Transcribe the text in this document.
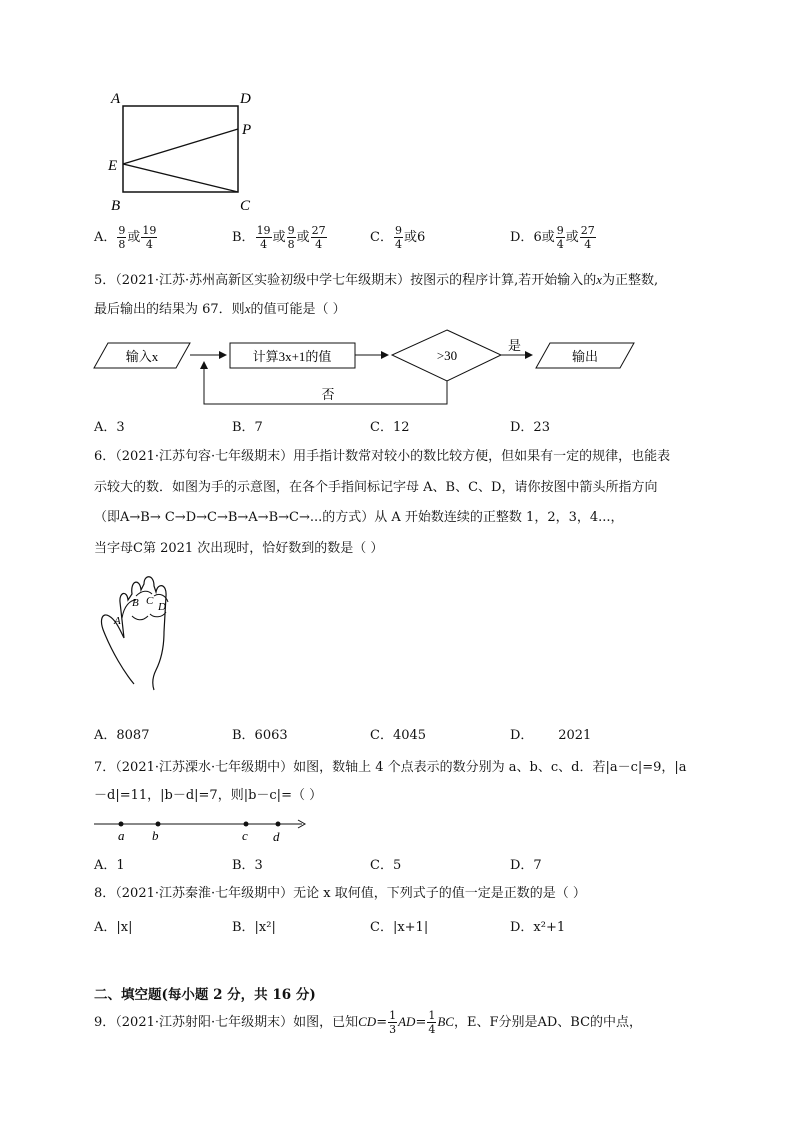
A	D
P
E
B	C
A． $\frac{9}{8}$ 或 $\frac{19}{4}$	B． $\frac{19}{4}$ 或 $\frac{9}{8}$ 或 $\frac{27}{4}$	C． $\frac{9}{4}$ 或6	D．6或 $\frac{9}{4}$ 或 $\frac{27}{4}$
5．（2021·江苏·苏州高新区实验初级中学七年级期末）按图示的程序计算,若开始输入的x为正整数,
最后输出的结果为 67．则x的值可能是（ ）
输入x	计算3x+1的值	>30
是
输出
否
A．3	B．7	C．12	D．23
6．（2021·江苏句容·七年级期末）用手指计数常对较小的数比较方便，但如果有一定的规律，也能表
示较大的数．如图为手的示意图，在各个手指间标记字母 A、B、C、D，请你按图中箭头所指方向
（即A→B→ C→D→C→B→A→B→C→...的方式）从 A 开始数连续的正整数 1，2，3，4...，
当字母C第 2021 次出现时，恰好数到的数是（ ）
A
B C D
A．8087	B．6063	C．4045	D．      2021
7．（2021·江苏溧水·七年级期中）如图，数轴上 4 个点表示的数分别为 a、b、c、d．若|a－c|=9，|a
－d|=11，|b－d|=7，则|b－c|=（ ）
a b	c d
A．1	B．3	C．5	D．7
8．（2021·江苏秦淮·七年级期中）无论 x 取何值，下列式子的值一定是正数的是（ ）
A．|x|	B．|x²|	C．|x+1|	D．x²+1
二、填空题(每小题 2 分，共 16 分)
9．（2021·江苏射阳·七年级期末）如图，已知$CD= \frac{1}{3} AD= \frac{1}{4}$ BC，E、F分别是AD、BC的中点，
